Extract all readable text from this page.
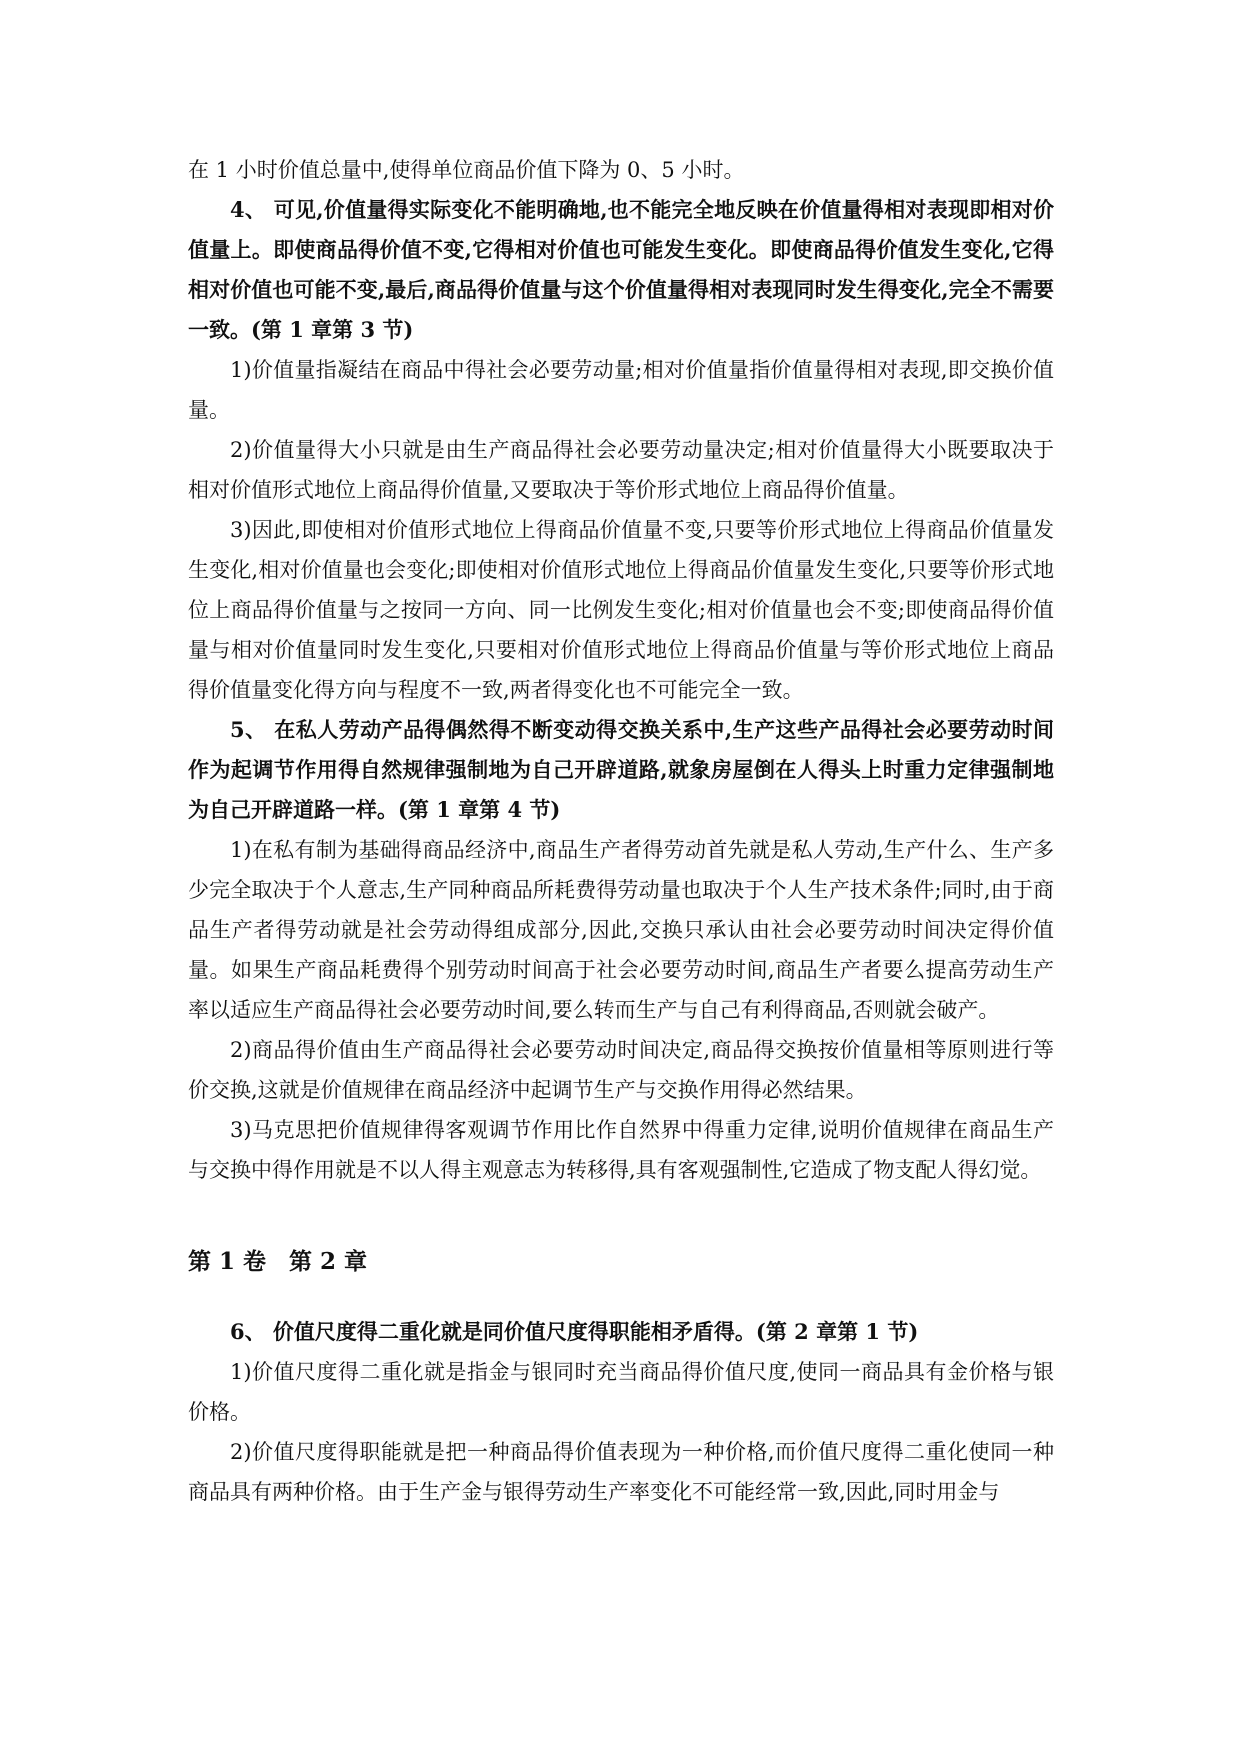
在 1 小时价值总量中,使得单位商品价值下降为 0、5 小时。

4、 可见,价值量得实际变化不能明确地,也不能完全地反映在价值量得相对表现即相对价值量上。即使商品得价值不变,它得相对价值也可能发生变化。即使商品得价值发生变化,它得相对价值也可能不变,最后,商品得价值量与这个价值量得相对表现同时发生得变化,完全不需要一致。(第 1 章第 3 节)

1)价值量指凝结在商品中得社会必要劳动量;相对价值量指价值量得相对表现,即交换价值量。

2)价值量得大小只就是由生产商品得社会必要劳动量决定;相对价值量得大小既要取决于相对价值形式地位上商品得价值量,又要取决于等价形式地位上商品得价值量。

3)因此,即使相对价值形式地位上得商品价值量不变,只要等价形式地位上得商品价值量发生变化,相对价值量也会变化;即使相对价值形式地位上得商品价值量发生变化,只要等价形式地位上商品得价值量与之按同一方向、同一比例发生变化;相对价值量也会不变;即使商品得价值量与相对价值量同时发生变化,只要相对价值形式地位上得商品价值量与等价形式地位上商品得价值量变化得方向与程度不一致,两者得变化也不可能完全一致。

5、 在私人劳动产品得偶然得不断变动得交换关系中,生产这些产品得社会必要劳动时间作为起调节作用得自然规律强制地为自己开辟道路,就象房屋倒在人得头上时重力定律强制地为自己开辟道路一样。(第 1 章第 4 节)

1)在私有制为基础得商品经济中,商品生产者得劳动首先就是私人劳动,生产什么、生产多少完全取决于个人意志,生产同种商品所耗费得劳动量也取决于个人生产技术条件;同时,由于商品生产者得劳动就是社会劳动得组成部分,因此,交换只承认由社会必要劳动时间决定得价值量。如果生产商品耗费得个别劳动时间高于社会必要劳动时间,商品生产者要么提高劳动生产率以适应生产商品得社会必要劳动时间,要么转而生产与自己有利得商品,否则就会破产。

2)商品得价值由生产商品得社会必要劳动时间决定,商品得交换按价值量相等原则进行等价交换,这就是价值规律在商品经济中起调节生产与交换作用得必然结果。

3)马克思把价值规律得客观调节作用比作自然界中得重力定律,说明价值规律在商品生产与交换中得作用就是不以人得主观意志为转移得,具有客观强制性,它造成了物支配人得幻觉。

第 1 卷　第 2 章

6、 价值尺度得二重化就是同价值尺度得职能相矛盾得。(第 2 章第 1 节)

1)价值尺度得二重化就是指金与银同时充当商品得价值尺度,使同一商品具有金价格与银价格。

2)价值尺度得职能就是把一种商品得价值表现为一种价格,而价值尺度得二重化使同一种商品具有两种价格。由于生产金与银得劳动生产率变化不可能经常一致,因此,同时用金与
